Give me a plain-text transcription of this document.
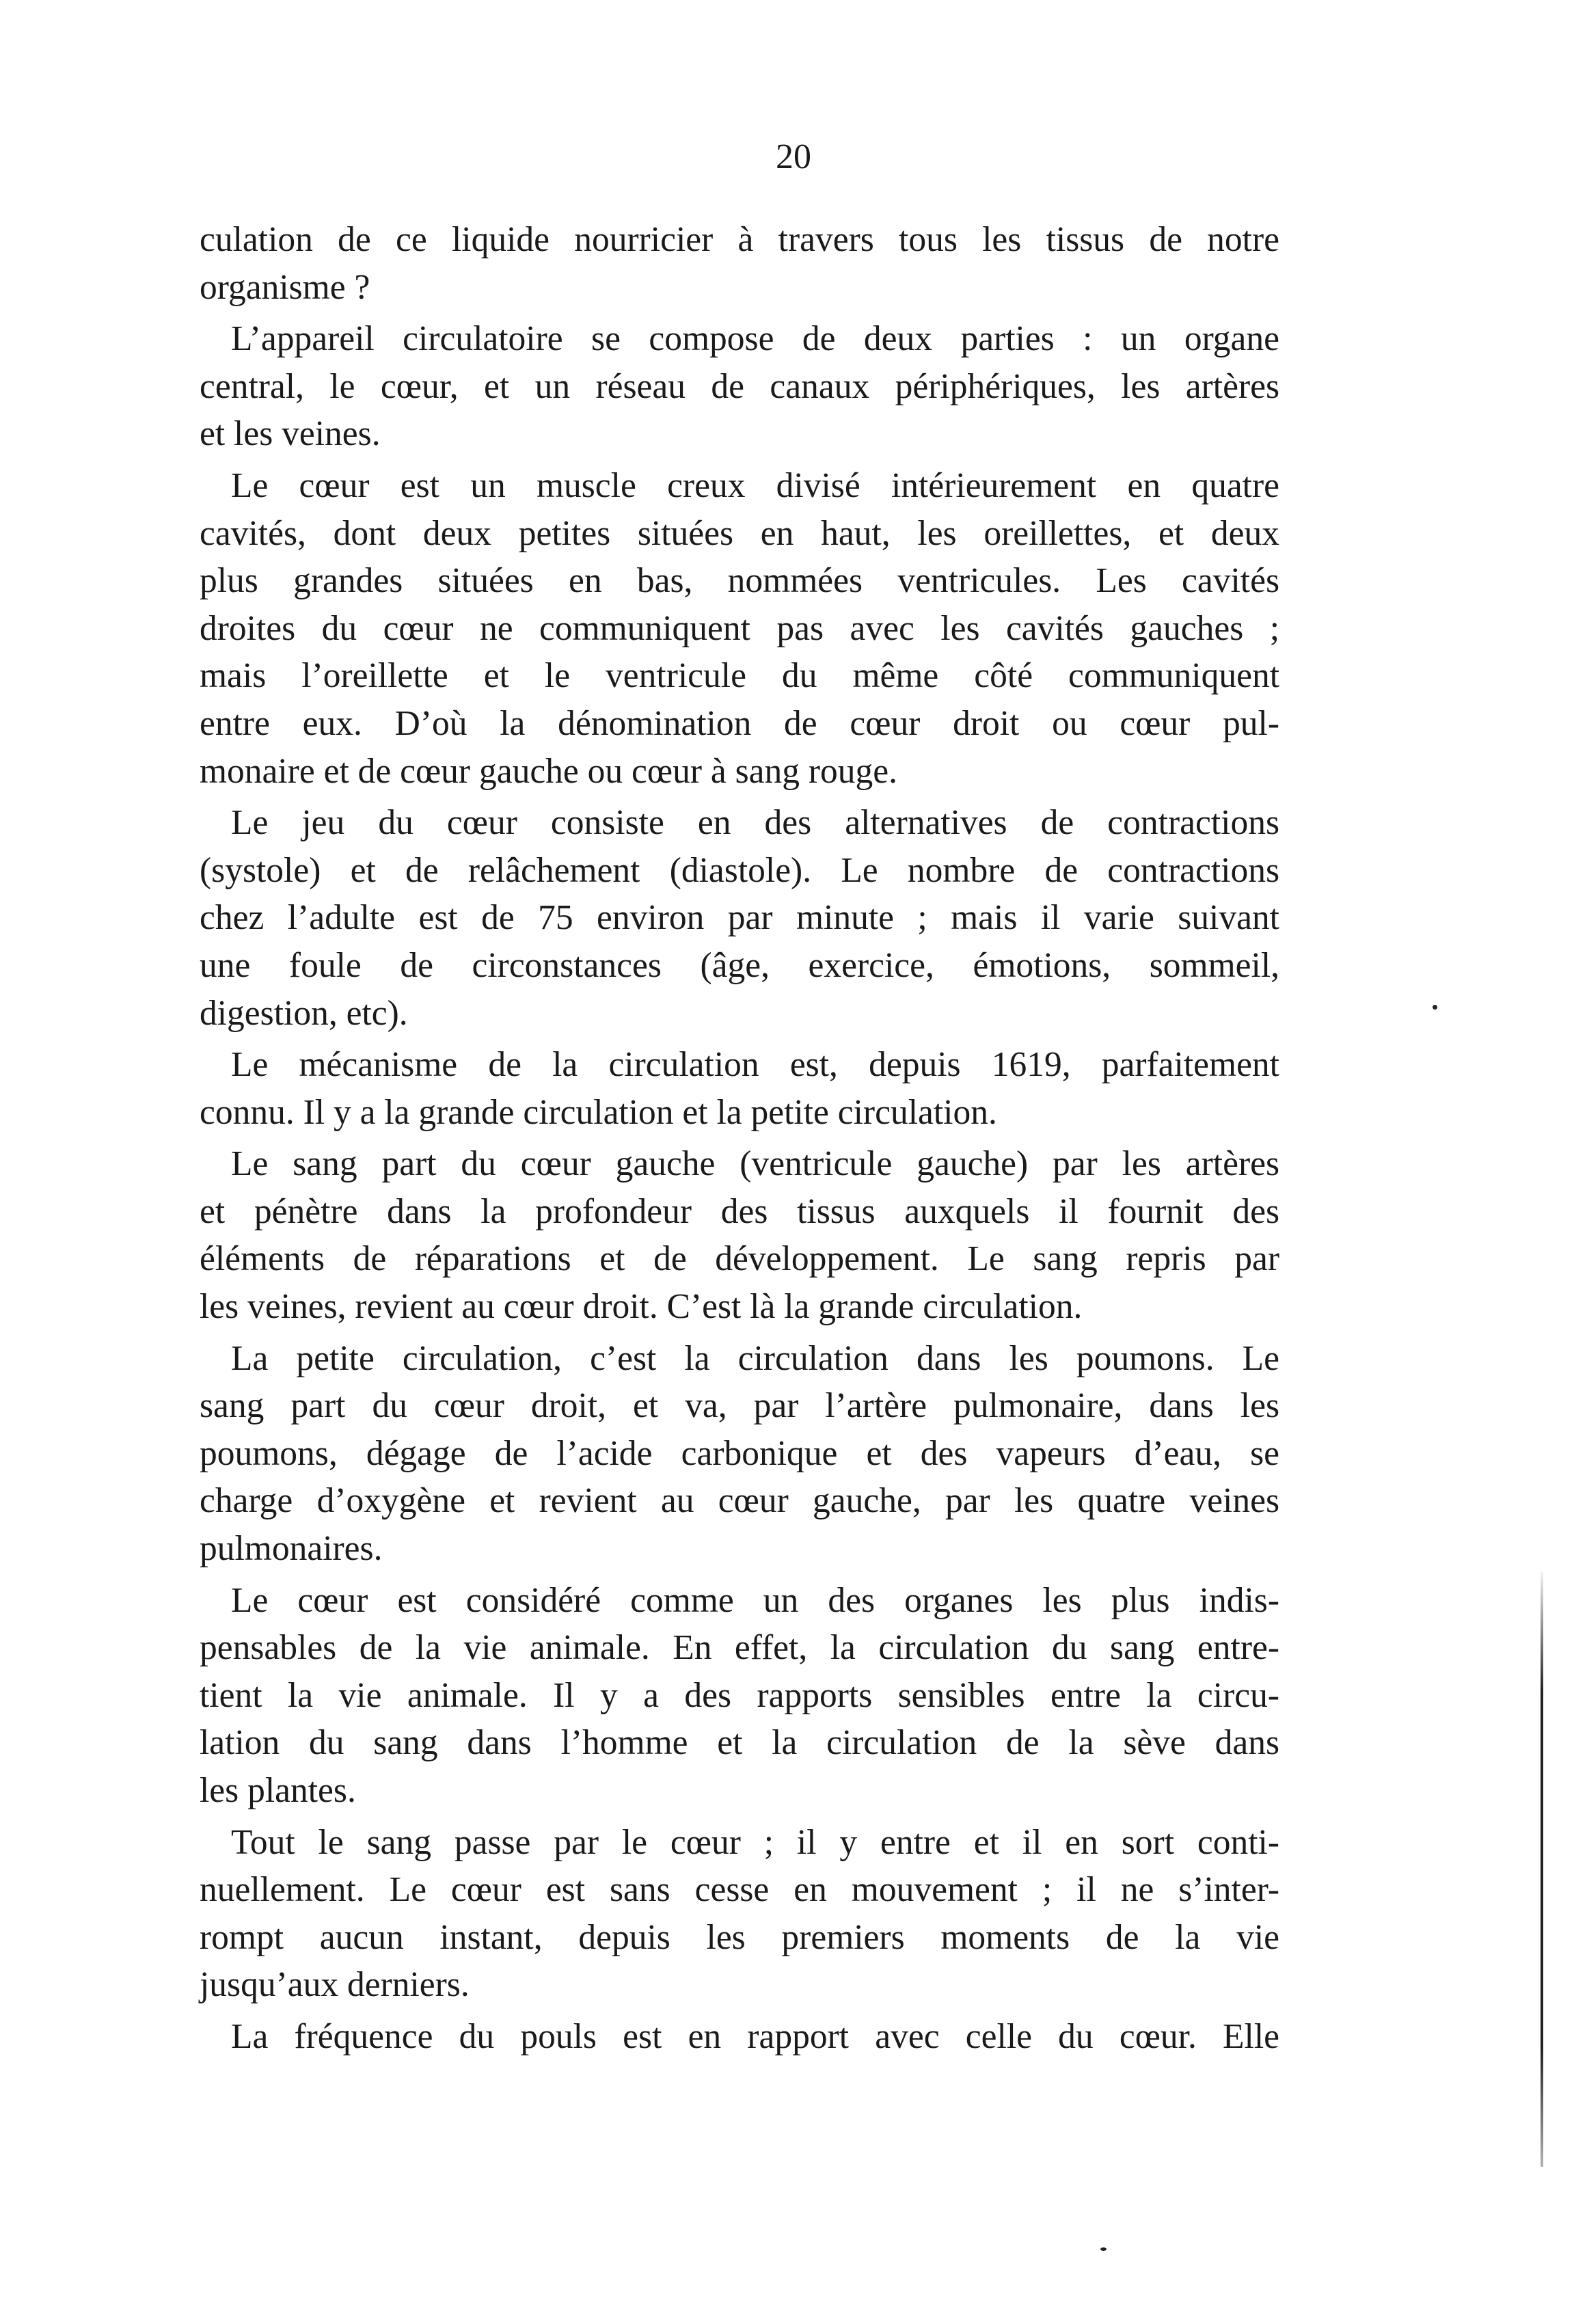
20
culation de ce liquide nourricier à travers tous les tissus de notre
organisme ?
L’appareil circulatoire se compose de deux parties : un organe
central, le cœur, et un réseau de canaux périphériques, les artères
et les veines.
Le cœur est un muscle creux divisé intérieurement en quatre
cavités, dont deux petites situées en haut, les oreillettes, et deux
plus grandes situées en bas, nommées ventricules. Les cavités
droites du cœur ne communiquent pas avec les cavités gauches ;
mais l’oreillette et le ventricule du même côté communiquent
entre eux. D’où la dénomination de cœur droit ou cœur pul-
monaire et de cœur gauche ou cœur à sang rouge.
Le jeu du cœur consiste en des alternatives de contractions
(systole) et de relâchement (diastole). Le nombre de contractions
chez l’adulte est de 75 environ par minute ; mais il varie suivant
une foule de circonstances (âge, exercice, émotions, sommeil,
digestion, etc).
Le mécanisme de la circulation est, depuis 1619, parfaitement
connu. Il y a la grande circulation et la petite circulation.
Le sang part du cœur gauche (ventricule gauche) par les artères
et pénètre dans la profondeur des tissus auxquels il fournit des
éléments de réparations et de développement. Le sang repris par
les veines, revient au cœur droit. C’est là la grande circulation.
La petite circulation, c’est la circulation dans les poumons. Le
sang part du cœur droit, et va, par l’artère pulmonaire, dans les
poumons, dégage de l’acide carbonique et des vapeurs d’eau, se
charge d’oxygène et revient au cœur gauche, par les quatre veines
pulmonaires.
Le cœur est considéré comme un des organes les plus indis-
pensables de la vie animale. En effet, la circulation du sang entre-
tient la vie animale. Il y a des rapports sensibles entre la circu-
lation du sang dans l’homme et la circulation de la sève dans
les plantes.
Tout le sang passe par le cœur ; il y entre et il en sort conti-
nuellement. Le cœur est sans cesse en mouvement ; il ne s’inter-
rompt aucun instant, depuis les premiers moments de la vie
jusqu’aux derniers.
La fréquence du pouls est en rapport avec celle du cœur. Elle
